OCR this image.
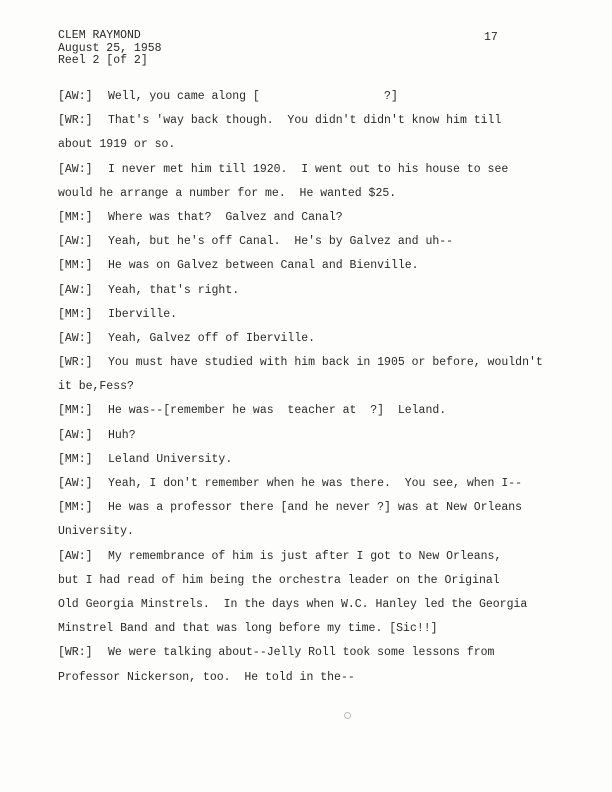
CLEM RAYMOND
August 25, 1958
Reel 2 [of 2]
17
[AW:] Well, you came along [                  ?]
[WR:] That's 'way back though.  You didn't didn't know him till
about 1919 or so.
[AW:] I never met him till 1920.  I went out to his house to see
would he arrange a number for me.  He wanted $25.
[MM:] Where was that?  Galvez and Canal?
[AW:] Yeah, but he's off Canal.  He's by Galvez and uh--
[MM:] He was on Galvez between Canal and Bienville.
[AW:] Yeah, that's right.
[MM:] Iberville.
[AW:] Yeah, Galvez off of Iberville.
[WR:] You must have studied with him back in 1905 or before, wouldn't
it be,Fess?
[MM:] He was--[remember he was  teacher at  ?]  Leland.
[AW:] Huh?
[MM:] Leland University.
[AW:] Yeah, I don't remember when he was there.  You see, when I--
[MM:] He was a professor there [and he never ?] was at New Orleans
University.
[AW:] My remembrance of him is just after I got to New Orleans,
but I had read of him being the orchestra leader on the Original
Old Georgia Minstrels.  In the days when W.C. Hanley led the Georgia
Minstrel Band and that was long before my time. [Sic!!]
[WR:] We were talking about--Jelly Roll took some lessons from
Professor Nickerson, too.  He told in the--
